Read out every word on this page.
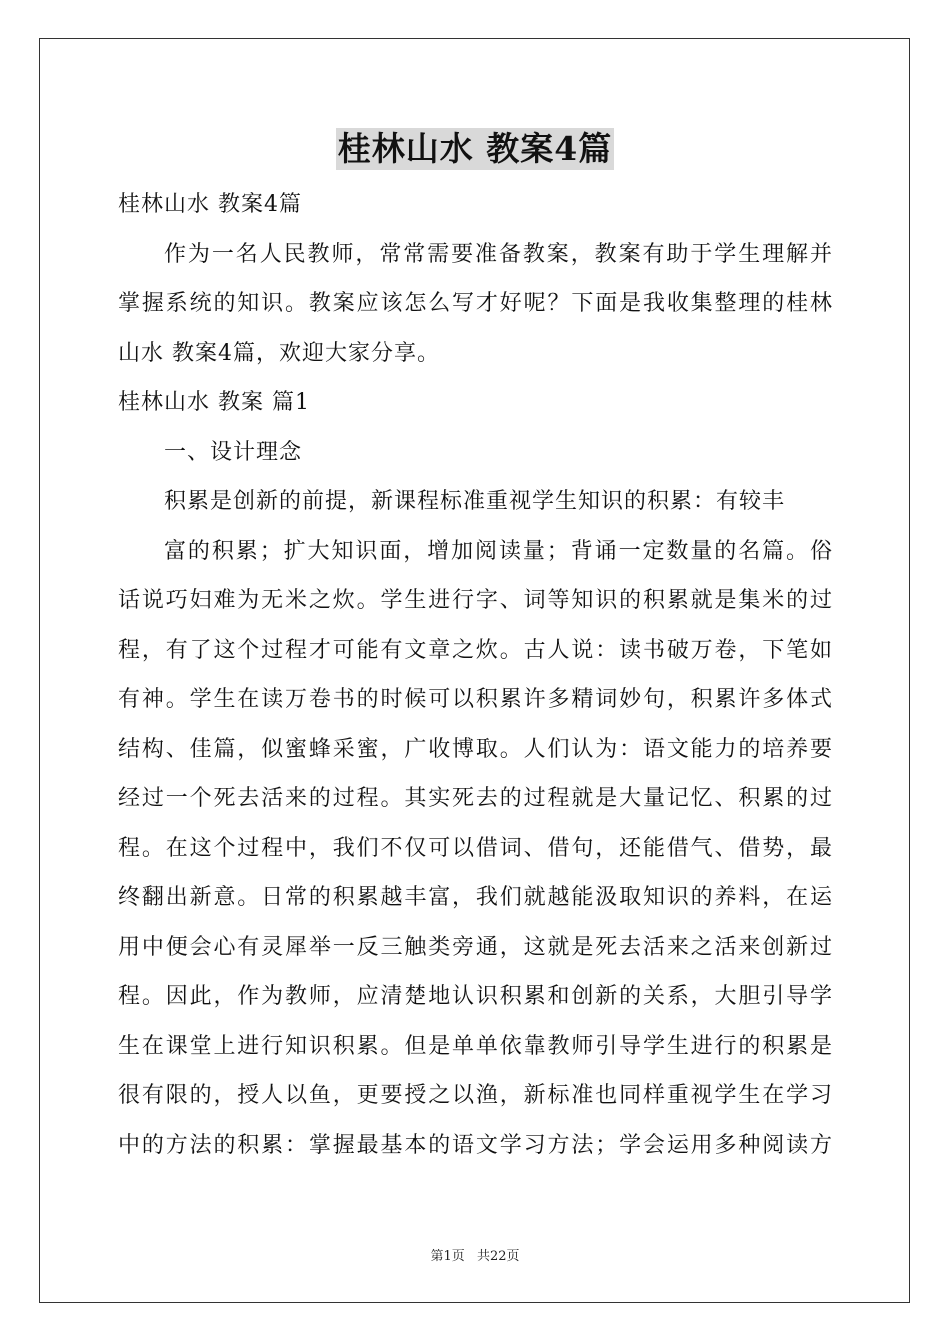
桂林山水 教案4篇
桂林山水 教案4篇
作为一名人民教师，常常需要准备教案，教案有助于学生理解并
掌握系统的知识。教案应该怎么写才好呢？下面是我收集整理的桂林
山水 教案4篇，欢迎大家分享。
桂林山水 教案 篇1
一、设计理念
积累是创新的前提，新课程标准重视学生知识的积累：有较丰
富的积累；扩大知识面，增加阅读量；背诵一定数量的名篇。俗
话说巧妇难为无米之炊。学生进行字、词等知识的积累就是集米的过
程，有了这个过程才可能有文章之炊。古人说：读书破万卷，下笔如
有神。学生在读万卷书的时候可以积累许多精词妙句，积累许多体式
结构、佳篇，似蜜蜂采蜜，广收博取。人们认为：语文能力的培养要
经过一个死去活来的过程。其实死去的过程就是大量记忆、积累的过
程。在这个过程中，我们不仅可以借词、借句，还能借气、借势，最
终翻出新意。日常的积累越丰富，我们就越能汲取知识的养料，在运
用中便会心有灵犀举一反三触类旁通，这就是死去活来之活来创新过
程。因此，作为教师，应清楚地认识积累和创新的关系，大胆引导学
生在课堂上进行知识积累。但是单单依靠教师引导学生进行的积累是
很有限的，授人以鱼，更要授之以渔，新标准也同样重视学生在学习
中的方法的积累：掌握最基本的语文学习方法；学会运用多种阅读方
第1页 共22页
